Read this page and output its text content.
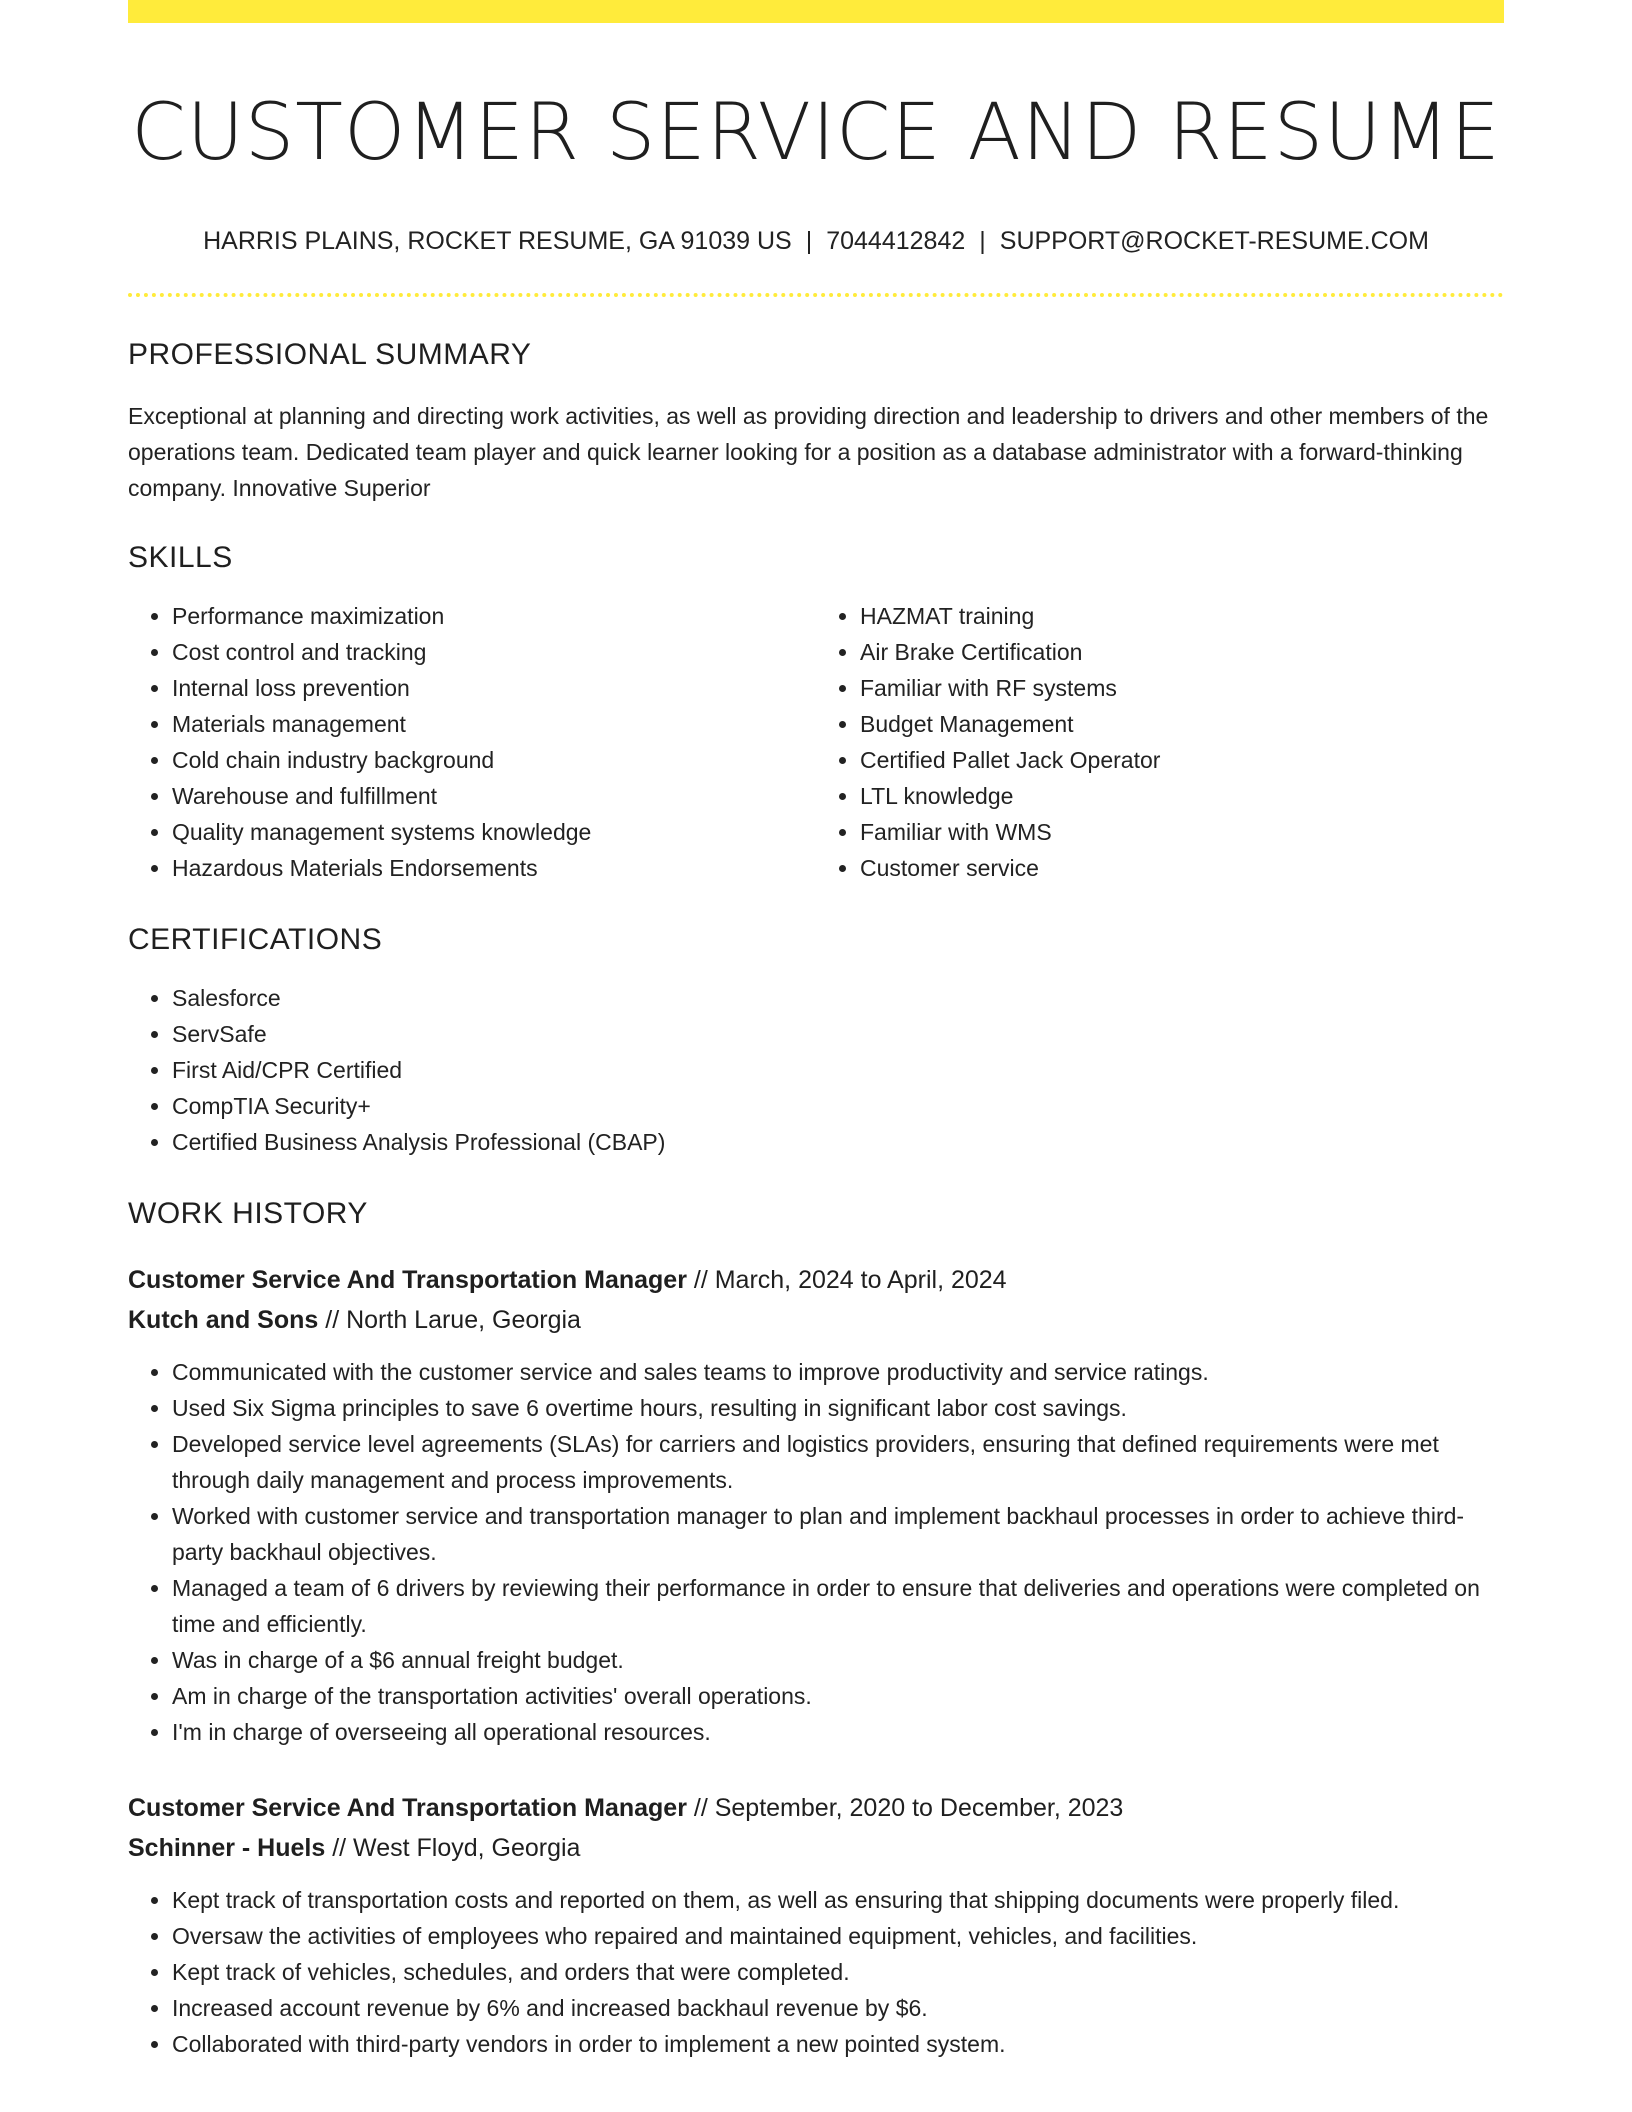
CUSTOMER SERVICE AND RESUME
HARRIS PLAINS, ROCKET RESUME, GA 91039 US | 7044412842 | SUPPORT@ROCKET-RESUME.COM
PROFESSIONAL SUMMARY

Exceptional at planning and directing work activities, as well as providing direction and leadership to drivers and other members of the operations team. Dedicated team player and quick learner looking for a position as a database administrator with a forward-thinking company. Innovative Superior

SKILLS
• Performance maximization
• Cost control and tracking
• Internal loss prevention
• Materials management
• Cold chain industry background
• Warehouse and fulfillment
• Quality management systems knowledge
• Hazardous Materials Endorsements
• HAZMAT training
• Air Brake Certification
• Familiar with RF systems
• Budget Management
• Certified Pallet Jack Operator
• LTL knowledge
• Familiar with WMS
• Customer service
CERTIFICATIONS
• Salesforce
• ServSafe
• First Aid/CPR Certified
• CompTIA Security+
• Certified Business Analysis Professional (CBAP)
WORK HISTORY
Customer Service And Transportation Manager // March, 2024 to April, 2024
Kutch and Sons // North Larue, Georgia
• Communicated with the customer service and sales teams to improve productivity and service ratings.
• Used Six Sigma principles to save 6 overtime hours, resulting in significant labor cost savings.
• Developed service level agreements (SLAs) for carriers and logistics providers, ensuring that defined requirements were met through daily management and process improvements.
• Worked with customer service and transportation manager to plan and implement backhaul processes in order to achieve third-party backhaul objectives.
• Managed a team of 6 drivers by reviewing their performance in order to ensure that deliveries and operations were completed on time and efficiently.
• Was in charge of a $6 annual freight budget.
• Am in charge of the transportation activities' overall operations.
• I'm in charge of overseeing all operational resources.
Customer Service And Transportation Manager // September, 2020 to December, 2023
Schinner - Huels // West Floyd, Georgia
• Kept track of transportation costs and reported on them, as well as ensuring that shipping documents were properly filed.
• Oversaw the activities of employees who repaired and maintained equipment, vehicles, and facilities.
• Kept track of vehicles, schedules, and orders that were completed.
• Increased account revenue by 6% and increased backhaul revenue by $6.
• Collaborated with third-party vendors in order to implement a new pointed system.
